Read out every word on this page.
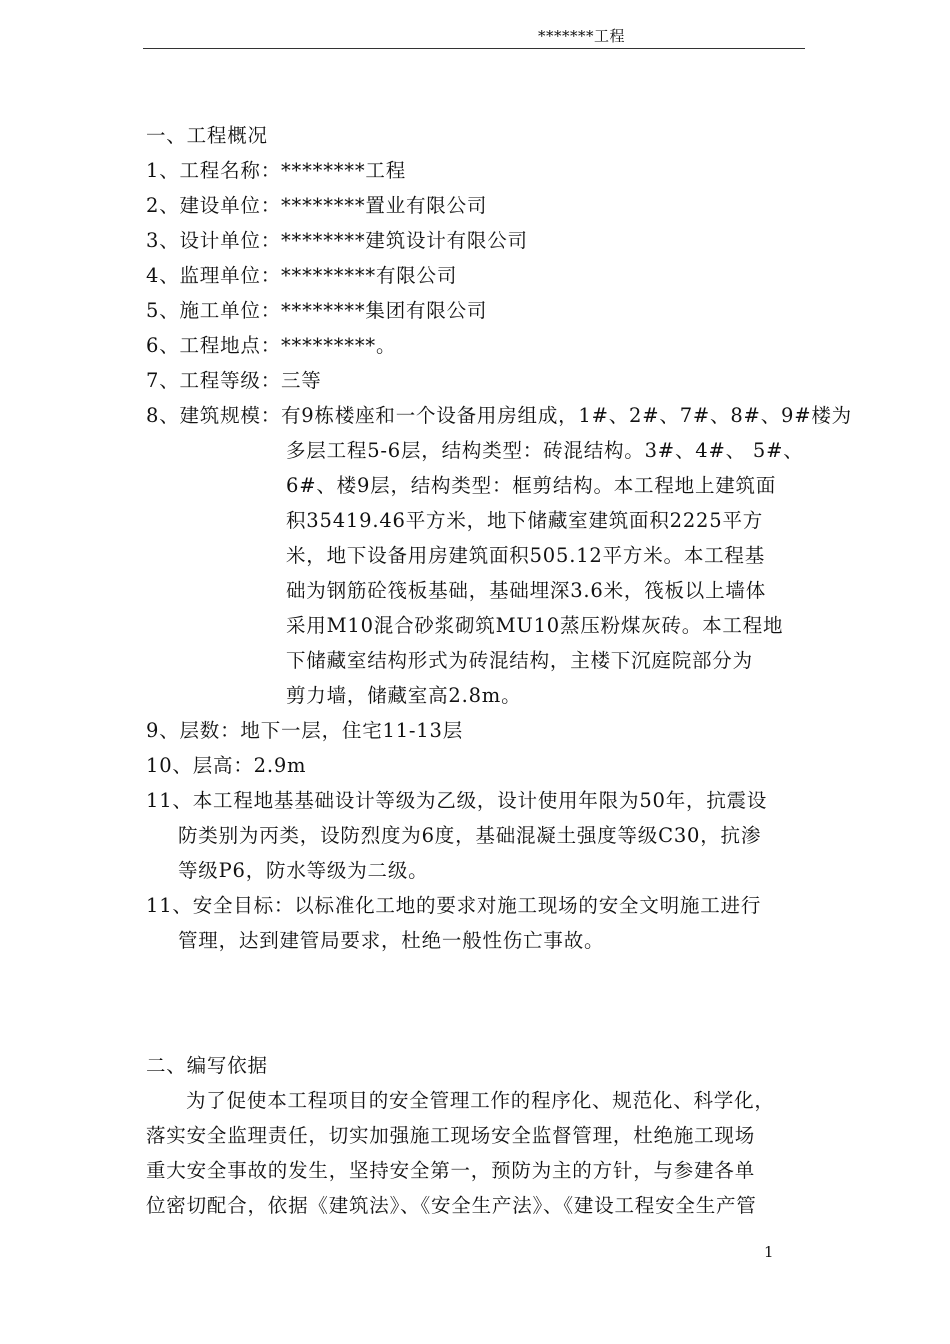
*******工程
一、工程概况
1、工程名称：********工程
2、建设单位：********置业有限公司
3、设计单位：********建筑设计有限公司
4、监理单位：*********有限公司
5、施工单位：********集团有限公司
6、工程地点：*********。
7、工程等级：三等
8、建筑规模：有9栋楼座和一个设备用房组成，1#、2#、7#、8#、9#楼为
多层工程5-6层，结构类型：砖混结构。3#、4#、 5#、
6#、楼9层，结构类型：框剪结构。本工程地上建筑面
积35419.46平方米，地下储藏室建筑面积2225平方
米，地下设备用房建筑面积505.12平方米。本工程基
础为钢筋砼筏板基础，基础埋深3.6米，筏板以上墙体
采用M10混合砂浆砌筑MU10蒸压粉煤灰砖。本工程地
下储藏室结构形式为砖混结构，主楼下沉庭院部分为
剪力墙，储藏室高2.8m。
9、层数：地下一层，住宅11-13层
10、层高：2.9m
11、本工程地基基础设计等级为乙级，设计使用年限为50年，抗震设
防类别为丙类，设防烈度为6度，基础混凝土强度等级C30，抗渗
等级P6，防水等级为二级。
11、安全目标：以标准化工地的要求对施工现场的安全文明施工进行
管理，达到建管局要求，杜绝一般性伤亡事故。
二、编写依据
为了促使本工程项目的安全管理工作的程序化、规范化、科学化，
落实安全监理责任，切实加强施工现场安全监督管理，杜绝施工现场
重大安全事故的发生，坚持安全第一，预防为主的方针，与参建各单
位密切配合，依据《建筑法》、《安全生产法》、《建设工程安全生产管
1
